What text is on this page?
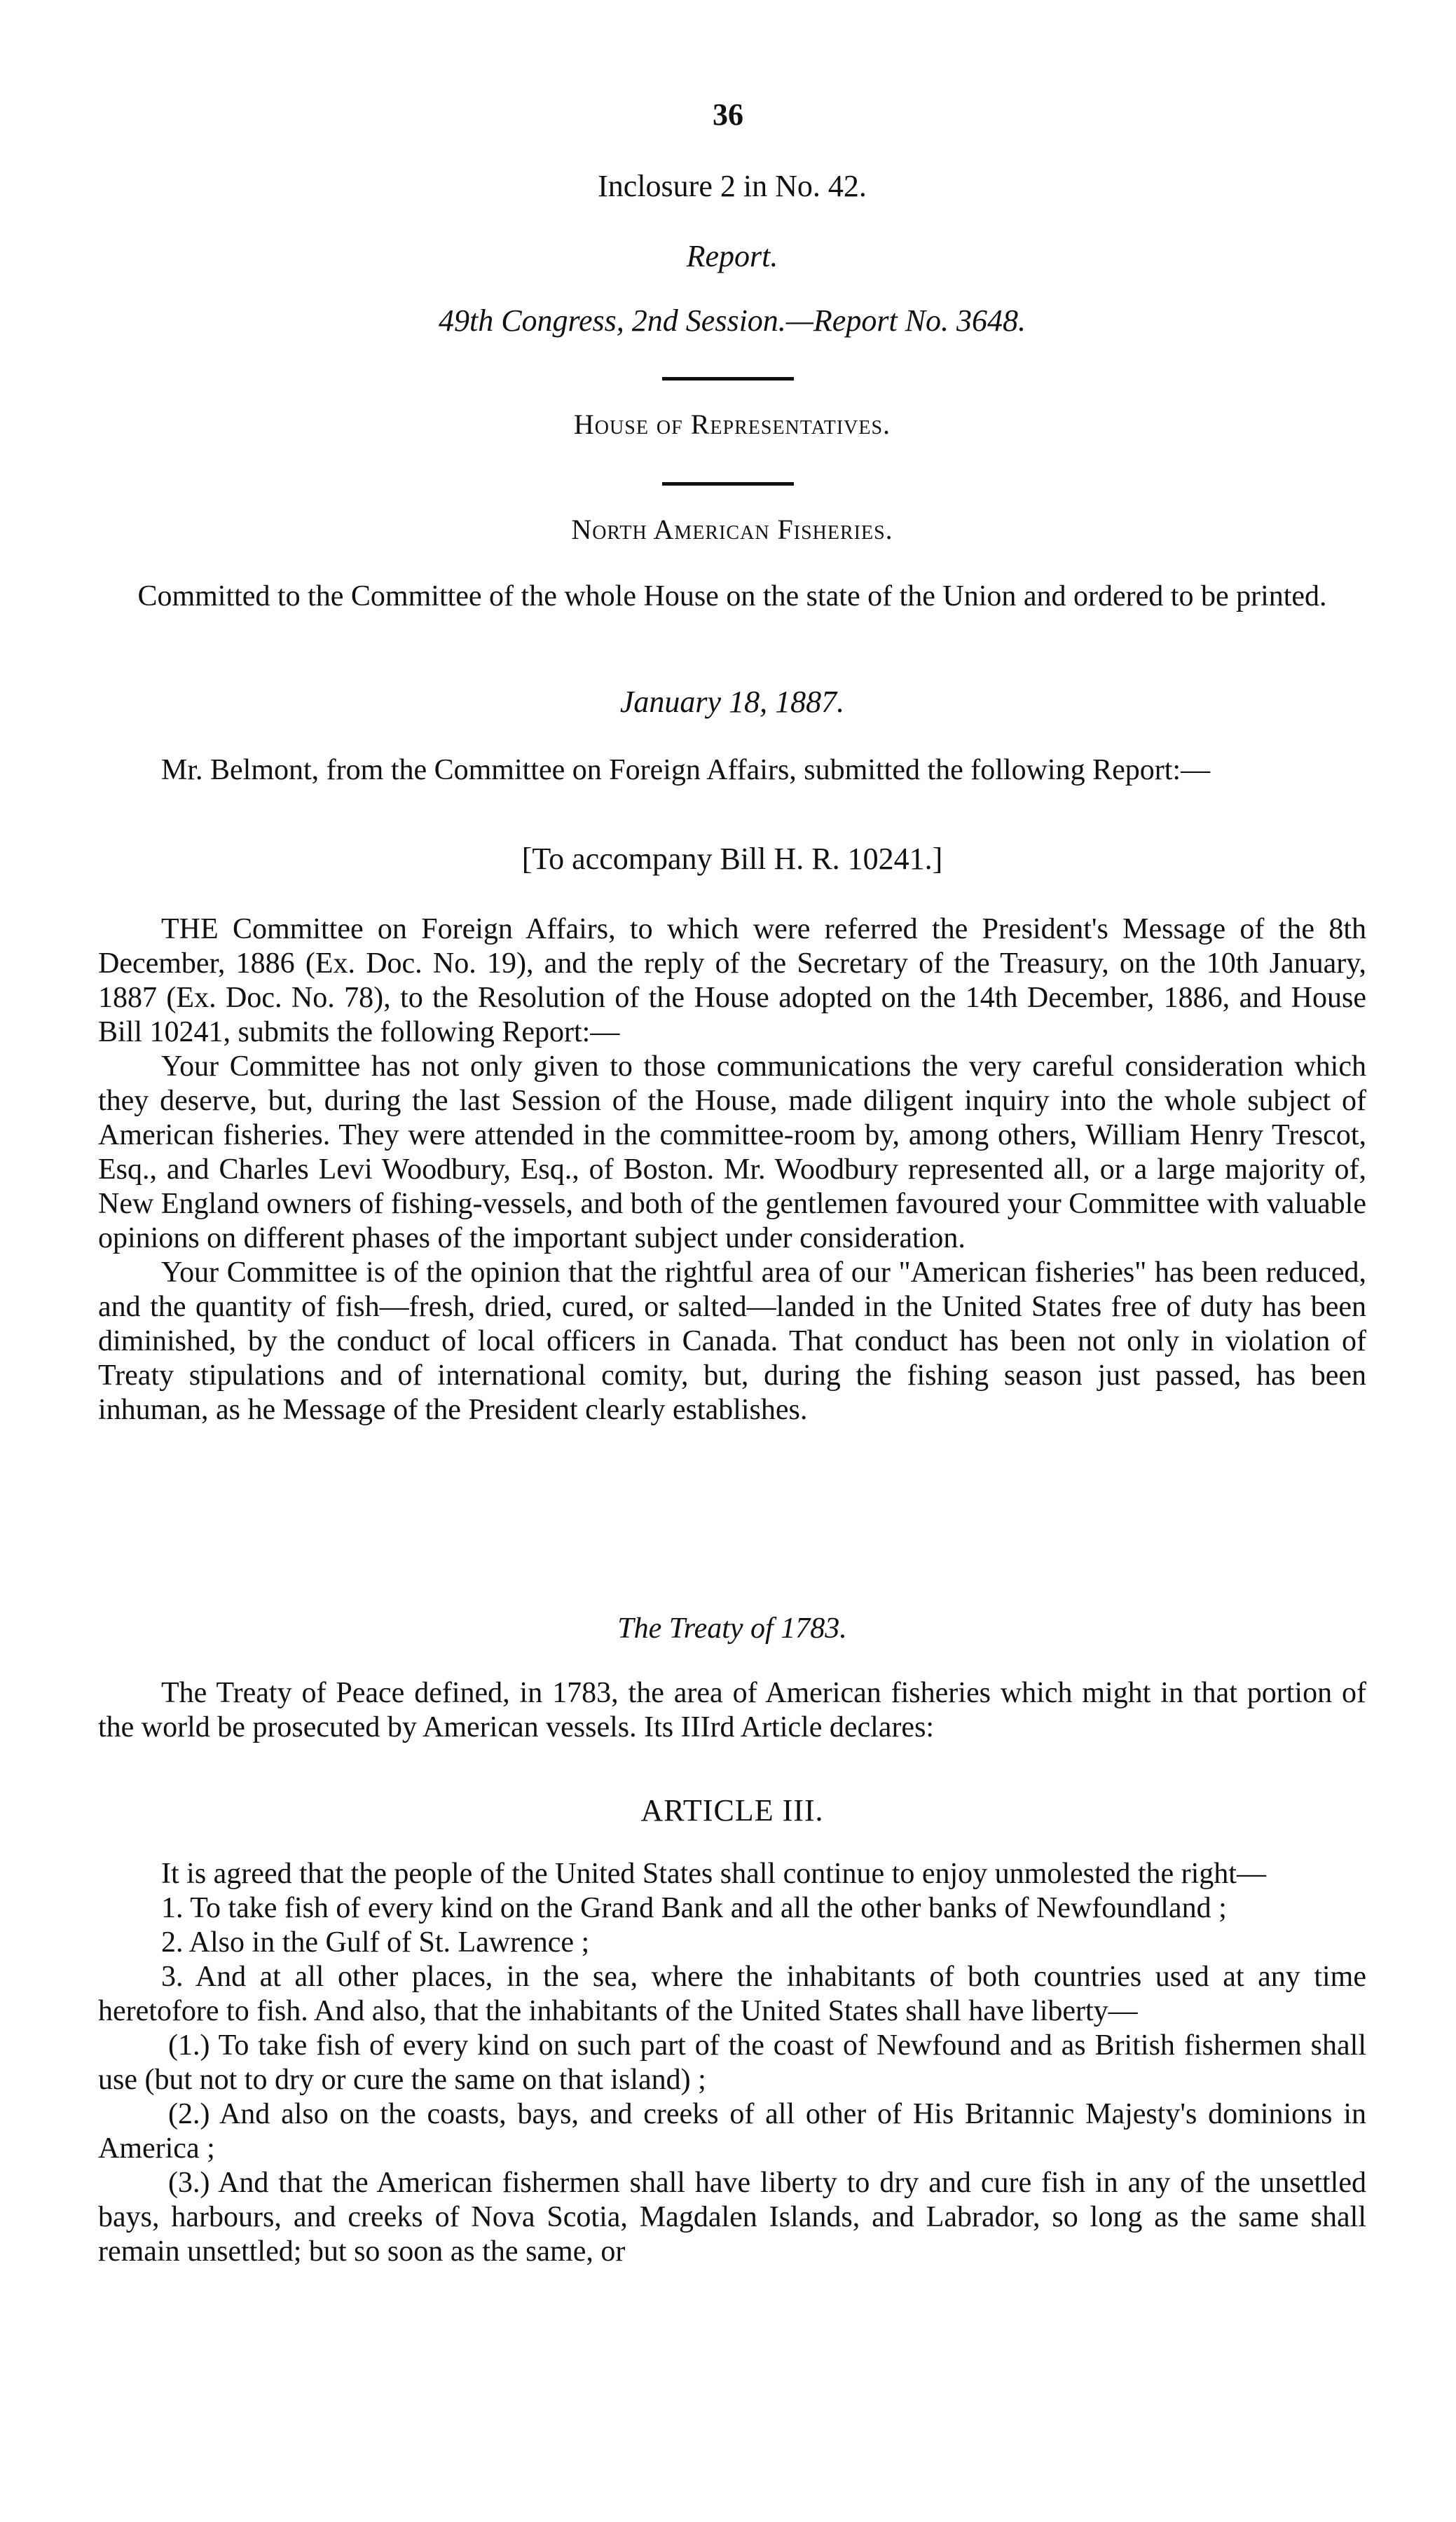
36
Inclosure 2 in No. 42.
Report.
49th Congress, 2nd Session.—Report No. 3648.
House of Representatives.
North American Fisheries.
Committed to the Committee of the whole House on the state of the Union and ordered to be printed.
January 18, 1887.

Mr. Belmont, from the Committee on Foreign Affairs, submitted the following Report:—

[To accompany Bill H. R. 10241.]

THE Committee on Foreign Affairs, to which were referred the President's Message of the 8th December, 1886 (Ex. Doc. No. 19), and the reply of the Secretary of the Treasury, on the 10th January, 1887 (Ex. Doc. No. 78), to the Resolution of the House adopted on the 14th December, 1886, and House Bill 10241, submits the following Report:—

Your Committee has not only given to those communications the very careful consideration which they deserve, but, during the last Session of the House, made diligent inquiry into the whole subject of American fisheries. They were attended in the committee-room by, among others, William Henry Trescot, Esq., and Charles Levi Woodbury, Esq., of Boston. Mr. Woodbury represented all, or a large majority of, New England owners of fishing-vessels, and both of the gentlemen favoured your Committee with valuable opinions on different phases of the important subject under consideration.

Your Committee is of the opinion that the rightful area of our "American fisheries" has been reduced, and the quantity of fish—fresh, dried, cured, or salted—landed in the United States free of duty has been diminished, by the conduct of local officers in Canada. That conduct has been not only in violation of Treaty stipulations and of international comity, but, during the fishing season just passed, has been inhuman, as he Message of the President clearly establishes.

The Treaty of 1783.

The Treaty of Peace defined, in 1783, the area of American fisheries which might in that portion of the world be prosecuted by American vessels. Its IIIrd Article declares:

ARTICLE III.

It is agreed that the people of the United States shall continue to enjoy unmolested the right—

1. To take fish of every kind on the Grand Bank and all the other banks of Newfoundland ;

2. Also in the Gulf of St. Lawrence ;

3. And at all other places, in the sea, where the inhabitants of both countries used at any time heretofore to fish. And also, that the inhabitants of the United States shall have liberty—

(1.) To take fish of every kind on such part of the coast of Newfound and as British fishermen shall use (but not to dry or cure the same on that island) ;

(2.) And also on the coasts, bays, and creeks of all other of His Britannic Majesty's dominions in America ;

(3.) And that the American fishermen shall have liberty to dry and cure fish in any of the unsettled bays, harbours, and creeks of Nova Scotia, Magdalen Islands, and Labrador, so long as the same shall remain unsettled; but so soon as the same, or
